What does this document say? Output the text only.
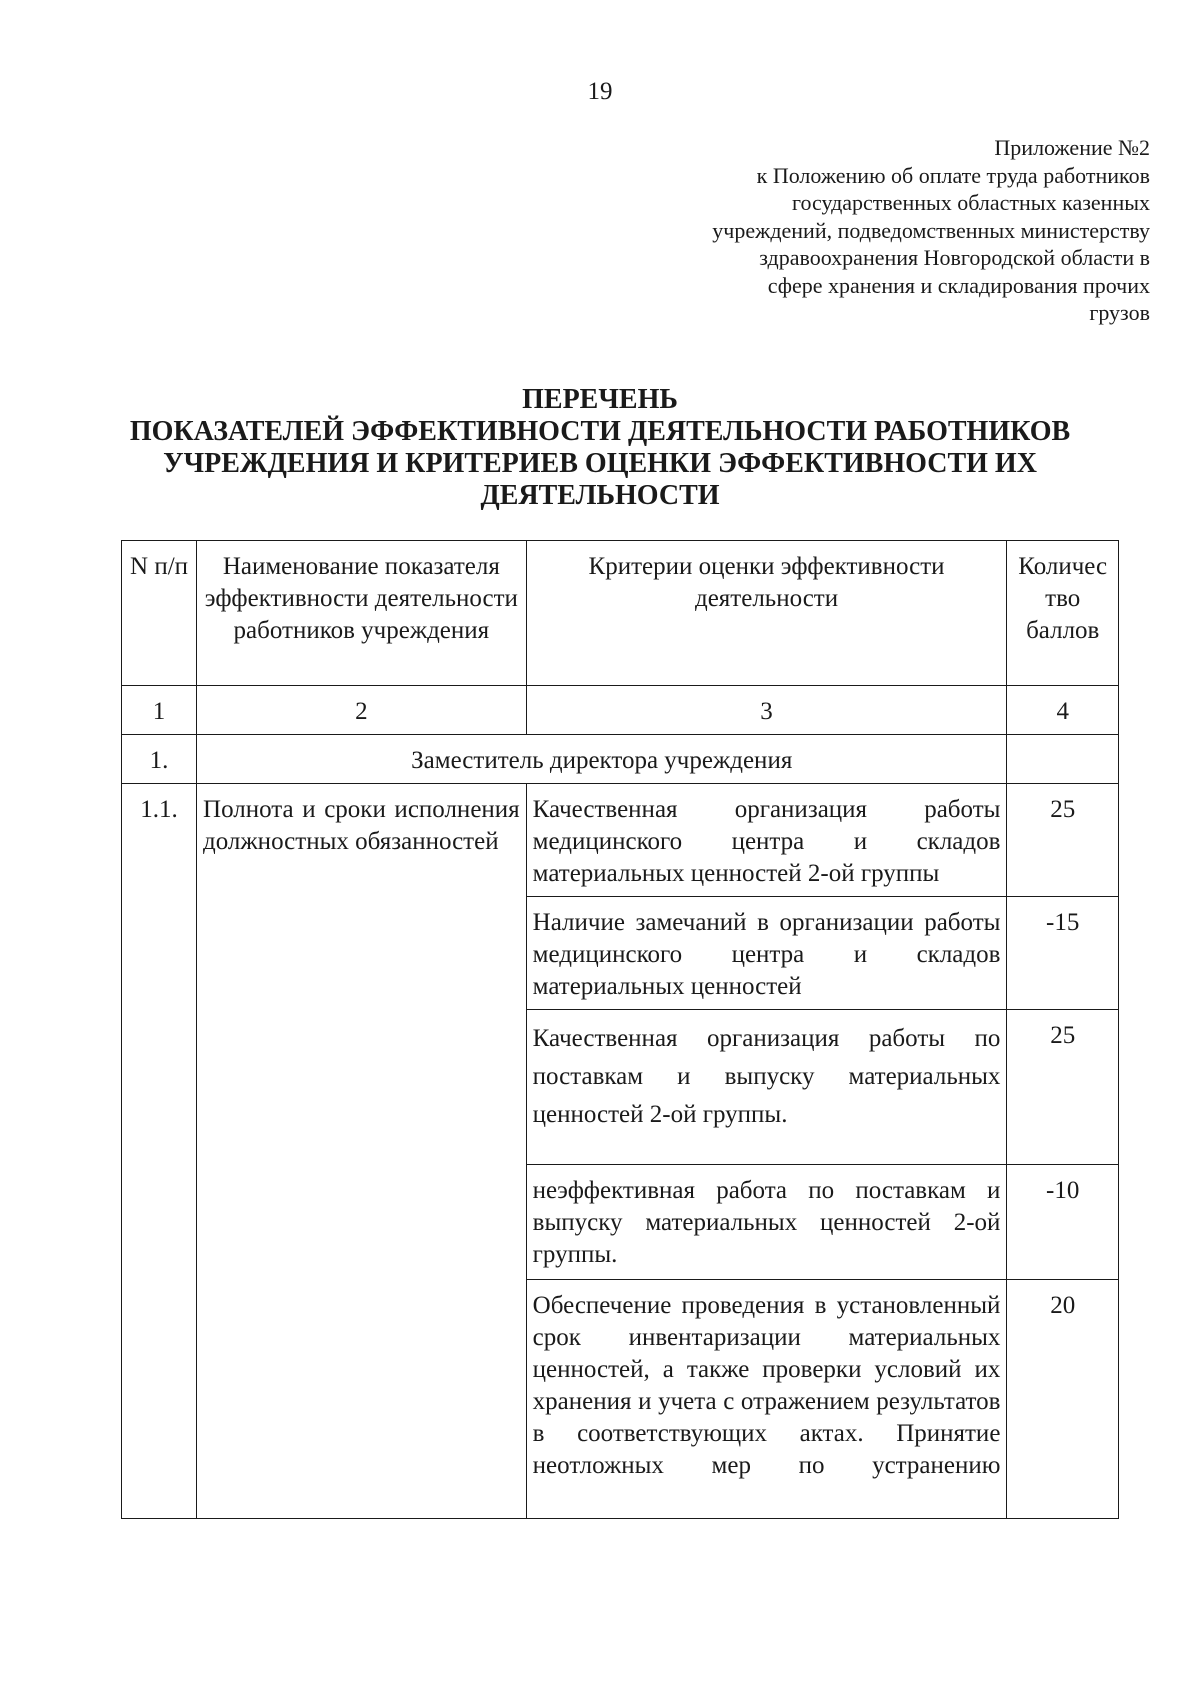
19
Приложение №2
к Положению об оплате труда работников
государственных областных казенных
учреждений, подведомственных министерству
здравоохранения Новгородской области в
сфере хранения и складирования прочих
грузов
ПЕРЕЧЕНЬ
ПОКАЗАТЕЛЕЙ ЭФФЕКТИВНОСТИ ДЕЯТЕЛЬНОСТИ РАБОТНИКОВ
УЧРЕЖДЕНИЯ И КРИТЕРИЕВ ОЦЕНКИ ЭФФЕКТИВНОСТИ ИХ
ДЕЯТЕЛЬНОСТИ
N п/п	Наименование показателя эффективности деятельности работников учреждения	Критерии оценки эффективности деятельности	Количес тво баллов
1	2	3	4
1.	Заместитель директора учреждения		
1.1.	Полнота и сроки исполнения должностных обязанностей	Качественная организация работы медицинского центра и складов материальных ценностей 2-ой группы	25
		Наличие замечаний в организации работы медицинского центра и складов материальных ценностей	-15
		Качественная организация работы по поставкам и выпуску материальных ценностей 2-ой группы.	25
		неэффективная работа по поставкам и выпуску материальных ценностей 2-ой группы.	-10
		Обеспечение проведения в установленный срок инвентаризации материальных ценностей, а также проверки условий их хранения и учета с отражением результатов в соответствующих актах. Принятие неотложных мер по устранению	20
